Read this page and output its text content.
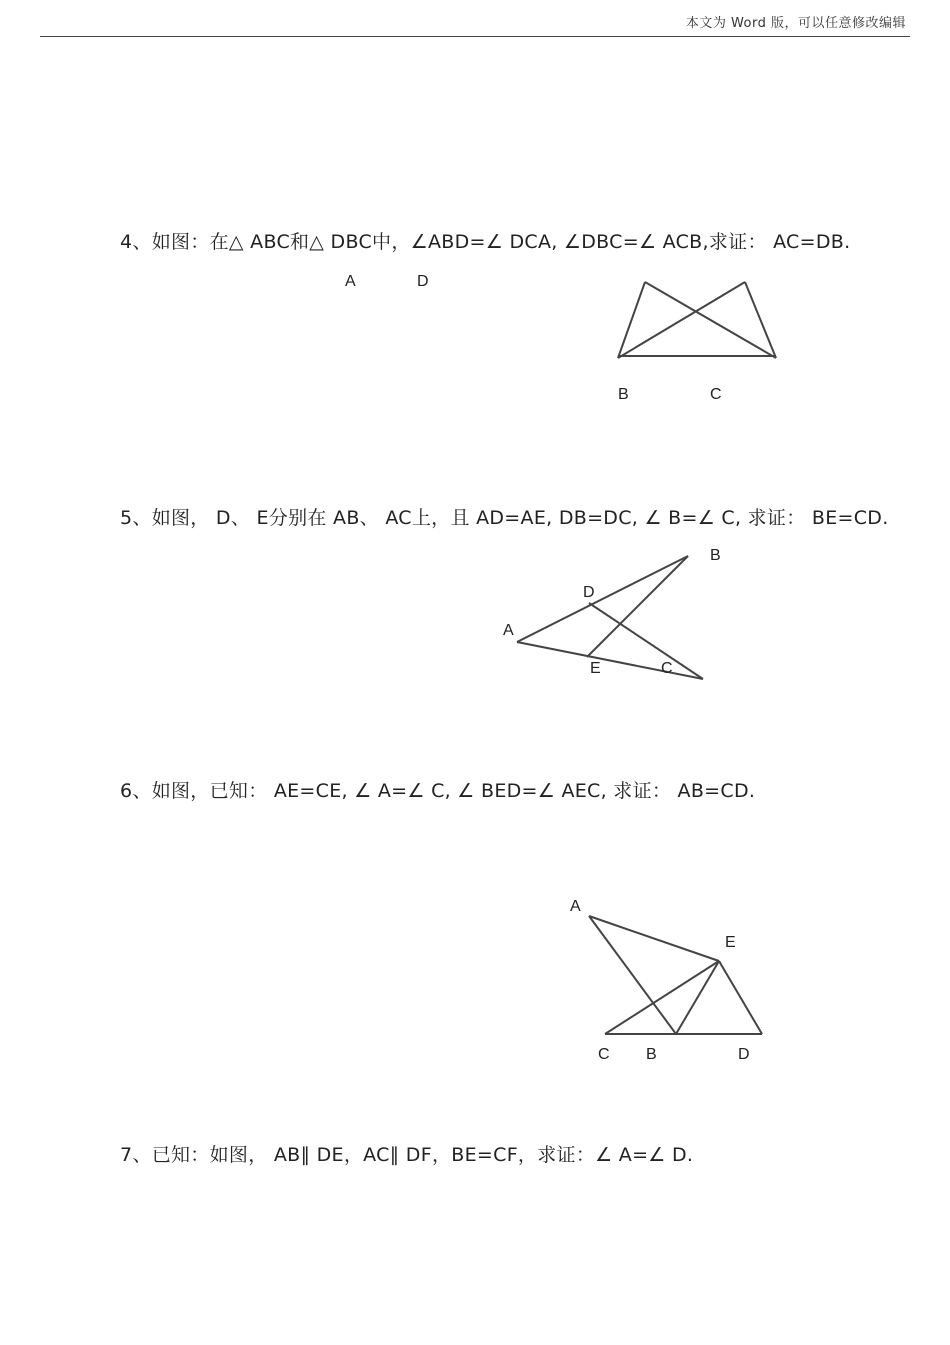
本文为 Word 版，可以任意修改编辑
4、如图：在△ ABC和△ DBC中，∠ABD=∠ DCA, ∠DBC=∠ ACB,求证： AC=DB.
5、如图， D、 E分别在 AB、 AC上，且 AD=AE, DB=DC, ∠ B=∠ C, 求证： BE=CD.
6、如图，已知： AE=CE, ∠ A=∠ C, ∠ BED=∠ AEC, 求证： AB=CD.
7、已知：如图， AB∥ DE，AC∥ DF，BE=CF，求证：∠ A=∠ D.
A	D
B	C
B
D
A
E	C
A
E
C B	D
